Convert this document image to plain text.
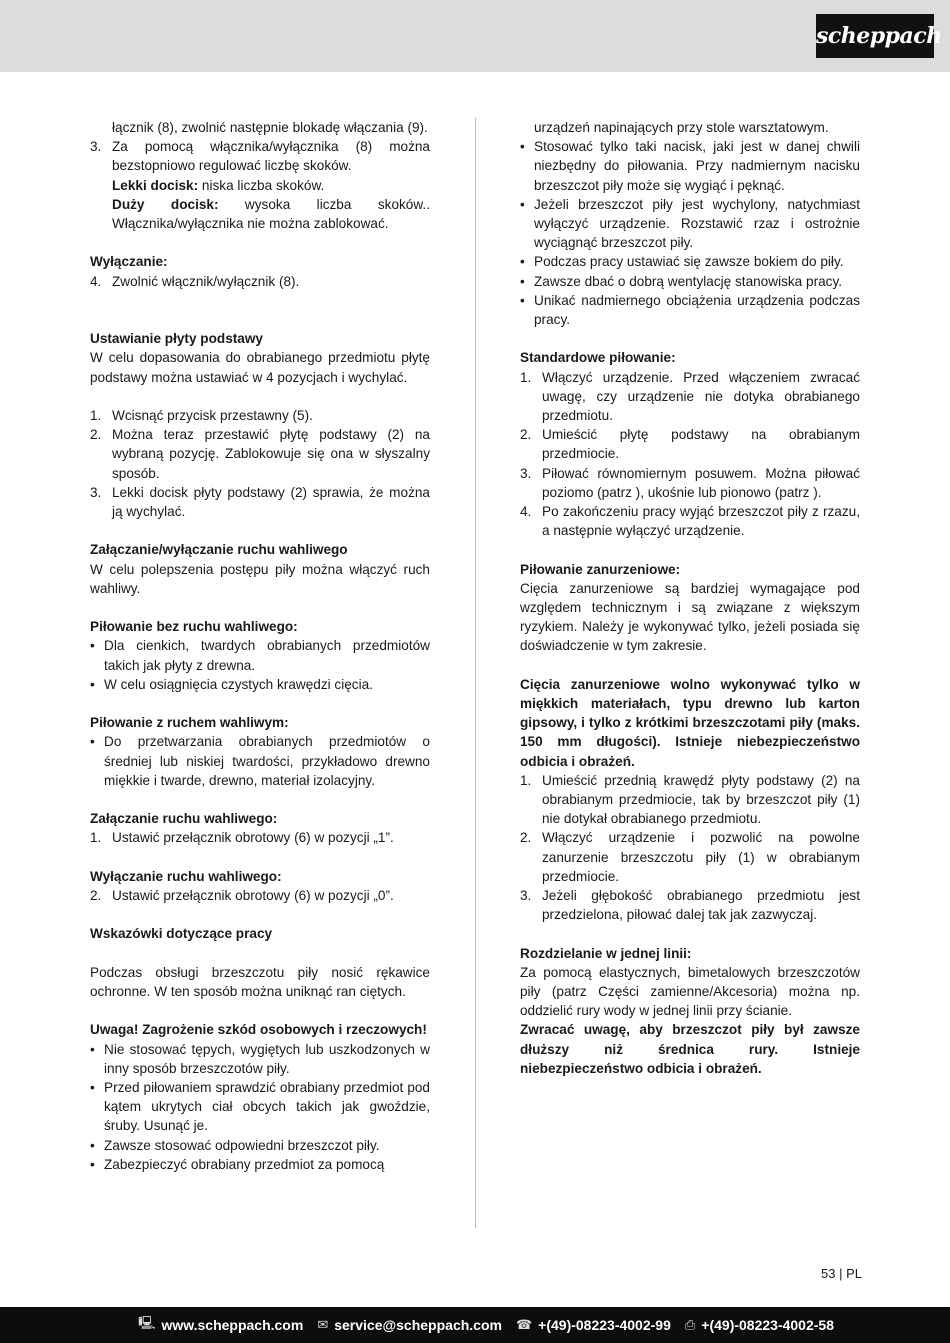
scheppach

łącznik (8), zwolnić następnie blokadę włączania (9).

3. Za pomocą włącznika/wyłącznika (8) można bezstopniowo regulować liczbę skoków.
Lekki docisk: niska liczba skoków.
Duży docisk: wysoka liczba skoków.. Włącznika/wyłącznika nie można zablokować.

Wyłączanie:

4. Zwolnić włącznik/wyłącznik (8).

Ustawianie płyty podstawy

W celu dopasowania do obrabianego przedmiotu płytę podstawy można ustawiać w 4 pozycjach i wychylać.

1. Wcisnąć przycisk przestawny (5).
2. Można teraz przestawić płytę podstawy (2) na wybraną pozycję. Zablokowuje się ona w słyszalny sposób.
3. Lekki docisk płyty podstawy (2) sprawia, że można ją wychylać.

Załączanie/wyłączanie ruchu wahliwego

W celu polepszenia postępu piły można włączyć ruch wahliwy.

Piłowanie bez ruchu wahliwego:

• Dla cienkich, twardych obrabianych przedmiotów takich jak płyty z drewna.
• W celu osiągnięcia czystych krawędzi cięcia.

Piłowanie z ruchem wahliwym:

• Do przetwarzania obrabianych przedmiotów o średniej lub niskiej twardości, przykładowo drewno miękkie i twarde, drewno, materiał izolacyjny.

Załączanie ruchu wahliwego:

1. Ustawić przełącznik obrotowy (6) w pozycji „1”.

Wyłączanie ruchu wahliwego:

2. Ustawić przełącznik obrotowy (6) w pozycji „0”.

Wskazówki dotyczące pracy

Podczas obsługi brzeszczotu piły nosić rękawice ochronne. W ten sposób można uniknąć ran ciętych.

Uwaga! Zagrożenie szkód osobowych i rzeczowych!

• Nie stosować tępych, wygiętych lub uszkodzonych w inny sposób brzeszczotów piły.
• Przed piłowaniem sprawdzić obrabiany przedmiot pod kątem ukrytych ciał obcych takich jak gwoździe, śruby. Usunąć je.
• Zawsze stosować odpowiedni brzeszczot piły.
• Zabezpieczyć obrabiany przedmiot za pomocą

urządzeń napinających przy stole warsztatowym.

• Stosować tylko taki nacisk, jaki jest w danej chwili niezbędny do piłowania. Przy nadmiernym nacisku brzeszczot piły może się wygiąć i pęknąć.
• Jeżeli brzeszczot piły jest wychylony, natychmiast wyłączyć urządzenie. Rozstawić rzaz i ostrożnie wyciągnąć brzeszczot piły.
• Podczas pracy ustawiać się zawsze bokiem do piły.
• Zawsze dbać o dobrą wentylację stanowiska pracy.
• Unikać nadmiernego obciążenia urządzenia podczas pracy.

Standardowe piłowanie:

1. Włączyć urządzenie. Przed włączeniem zwracać uwagę, czy urządzenie nie dotyka obrabianego przedmiotu.
2. Umieścić płytę podstawy na obrabianym przedmiocie.
3. Piłować równomiernym posuwem. Można piłować poziomo (patrz ), ukośnie lub pionowo (patrz ).
4. Po zakończeniu pracy wyjąć brzeszczot piły z rzazu, a następnie wyłączyć urządzenie.

Piłowanie zanurzeniowe:

Cięcia zanurzeniowe są bardziej wymagające pod względem technicznym i są związane z większym ryzykiem. Należy je wykonywać tylko, jeżeli posiada się doświadczenie w tym zakresie.

Cięcia zanurzeniowe wolno wykonywać tylko w miękkich materiałach, typu drewno lub karton gipsowy, i tylko z krótkimi brzeszczotami piły (maks. 150 mm długości). Istnieje niebezpieczeństwo odbicia i obrażeń.

1. Umieścić przednią krawędź płyty podstawy (2) na obrabianym przedmiocie, tak by brzeszczot piły (1) nie dotykał obrabianego przedmiotu.
2. Włączyć urządzenie i pozwolić na powolne zanurzenie brzeszczotu piły (1) w obrabianym przedmiocie.
3. Jeżeli głębokość obrabianego przedmiotu jest przedzielona, piłować dalej tak jak zazwyczaj.

Rozdzielanie w jednej linii:

Za pomocą elastycznych, bimetalowych brzeszczotów piły (patrz Części zamienne/Akcesoria) można np. oddzielić rury wody w jednej linii przy ścianie.

Zwracać uwagę, aby brzeszczot piły był zawsze dłuższy niż średnica rury. Istnieje niebezpieczeństwo odbicia i obrażeń.

53 | PL
🖳 www.scheppach.com ✉ service@scheppach.com ☎ +(49)-08223-4002-99 ⎙ +(49)-08223-4002-58
